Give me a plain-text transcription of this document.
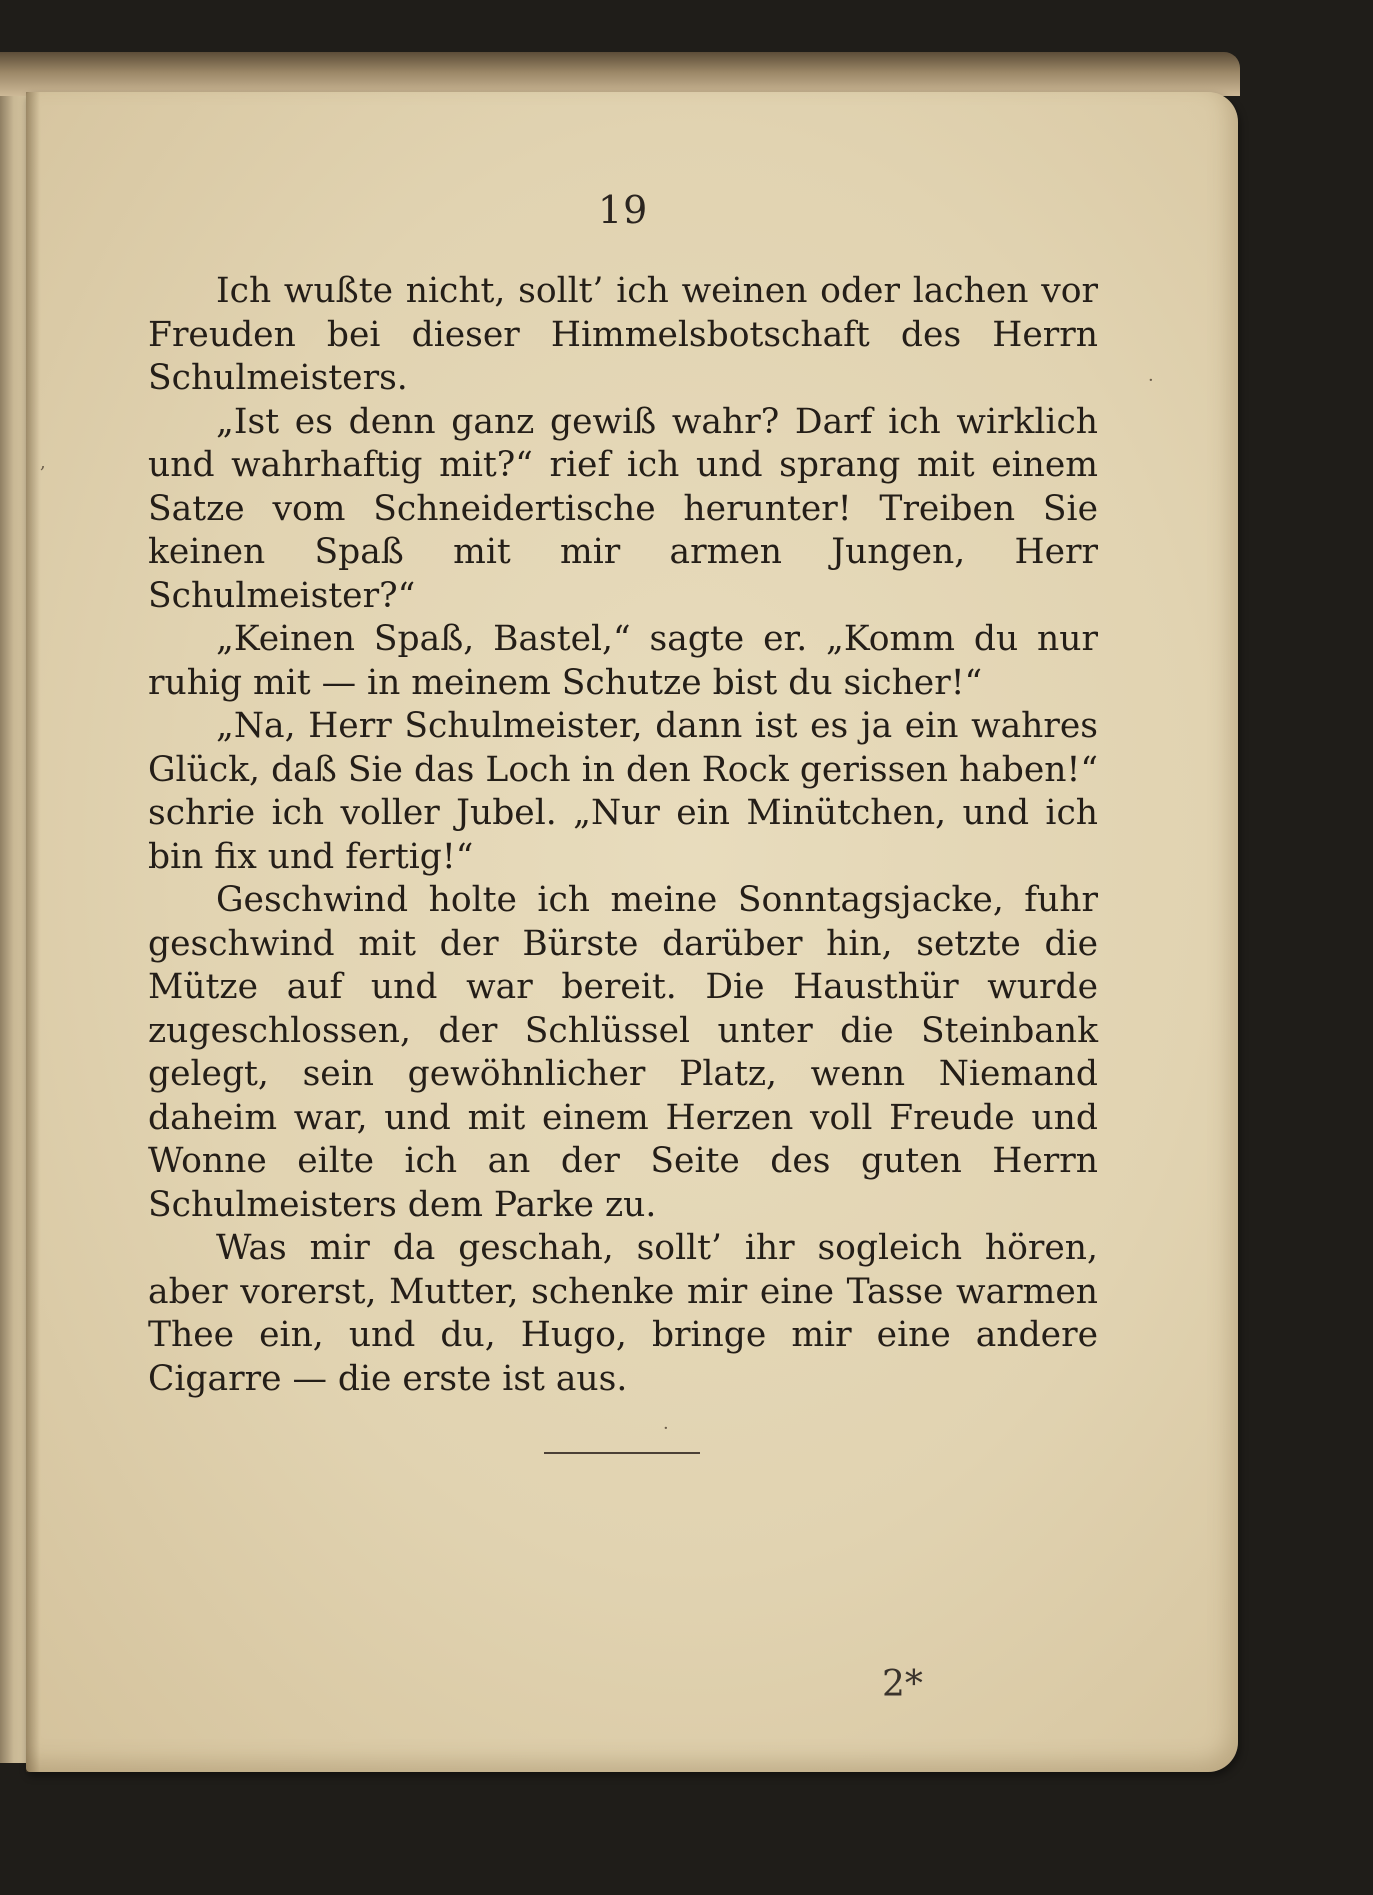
19

Ich wußte nicht, sollt’ ich weinen oder lachen vor Freuden bei dieser Himmelsbotschaft des Herrn Schulmeisters.

„Ist es denn ganz gewiß wahr? Darf ich wirklich und wahrhaftig mit?“ rief ich und sprang mit einem Satze vom Schneidertische herunter! Treiben Sie keinen Spaß mit mir armen Jungen, Herr Schulmeister?“

„Keinen Spaß, Bastel,“ sagte er. „Komm du nur ruhig mit — in meinem Schutze bist du sicher!“

„Na, Herr Schulmeister, dann ist es ja ein wahres Glück, daß Sie das Loch in den Rock gerissen haben!“ schrie ich voller Jubel. „Nur ein Minütchen, und ich bin fix und fertig!“

Geschwind holte ich meine Sonntagsjacke, fuhr geschwind mit der Bürste darüber hin, setzte die Mütze auf und war bereit. Die Hausthür wurde zugeschlossen, der Schlüssel unter die Steinbank gelegt, sein gewöhnlicher Platz, wenn Niemand daheim war, und mit einem Herzen voll Freude und Wonne eilte ich an der Seite des guten Herrn Schulmeisters dem Parke zu.

Was mir da geschah, sollt’ ihr sogleich hören, aber vorerst, Mutter, schenke mir eine Tasse warmen Thee ein, und du, Hugo, bringe mir eine andere Cigarre — die erste ist aus.

2*
·
,
·
